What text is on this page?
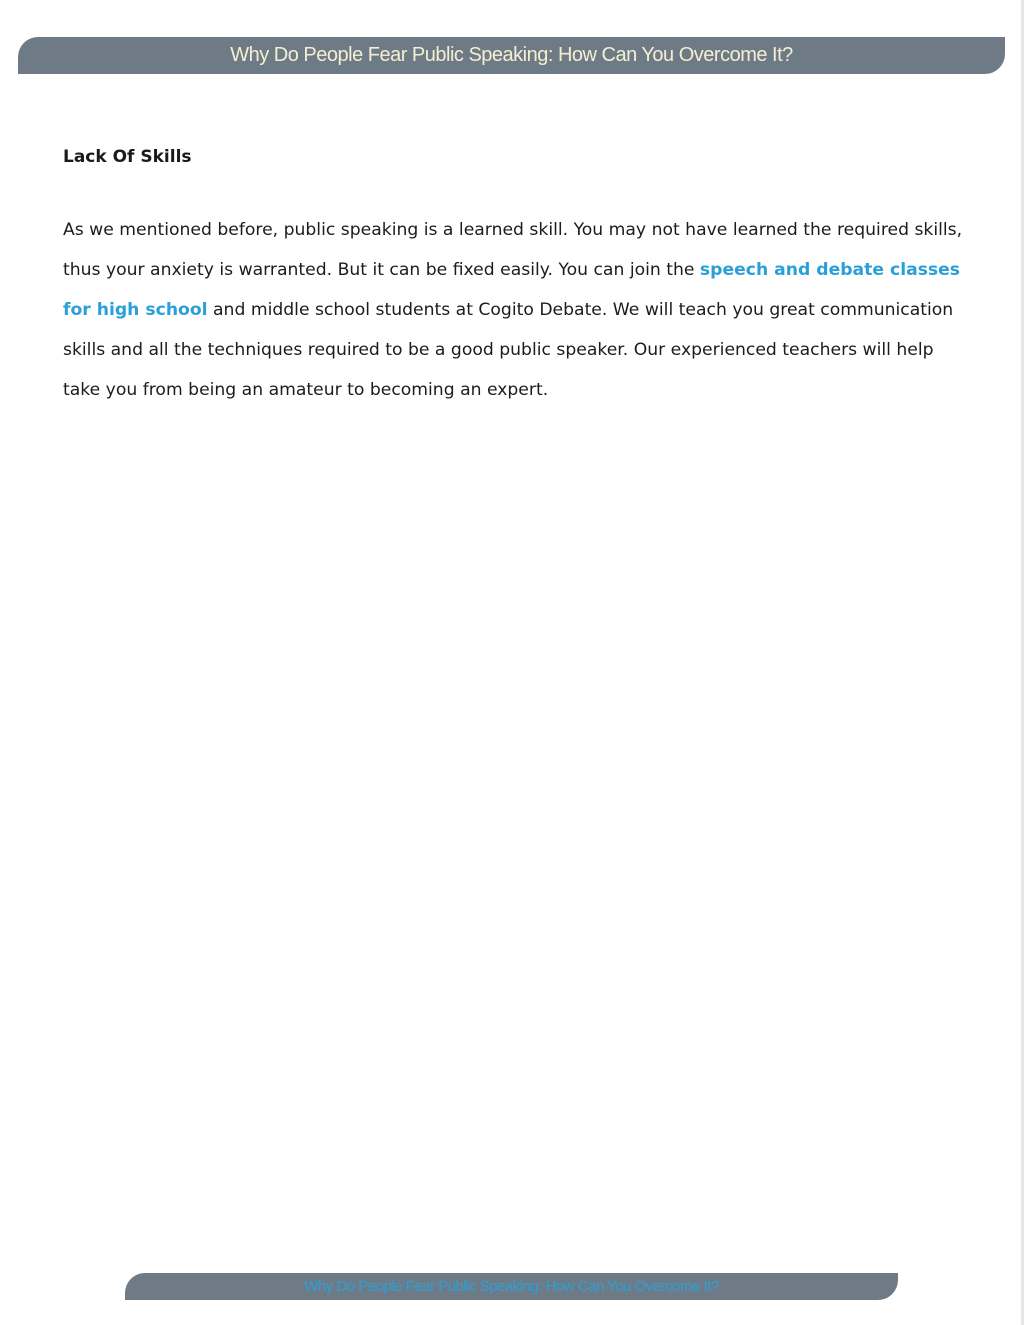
Why Do People Fear Public Speaking: How Can You Overcome It?
Lack Of Skills

As we mentioned before, public speaking is a learned skill. You may not have learned the required skills, thus your anxiety is warranted. But it can be fixed easily. You can join the speech and debate classes for high school and middle school students at Cogito Debate. We will teach you great communication skills and all the techniques required to be a good public speaker. Our experienced teachers will help take you from being an amateur to becoming an expert.

Why Do People Fear Public Speaking: How Can You Overcome It?
